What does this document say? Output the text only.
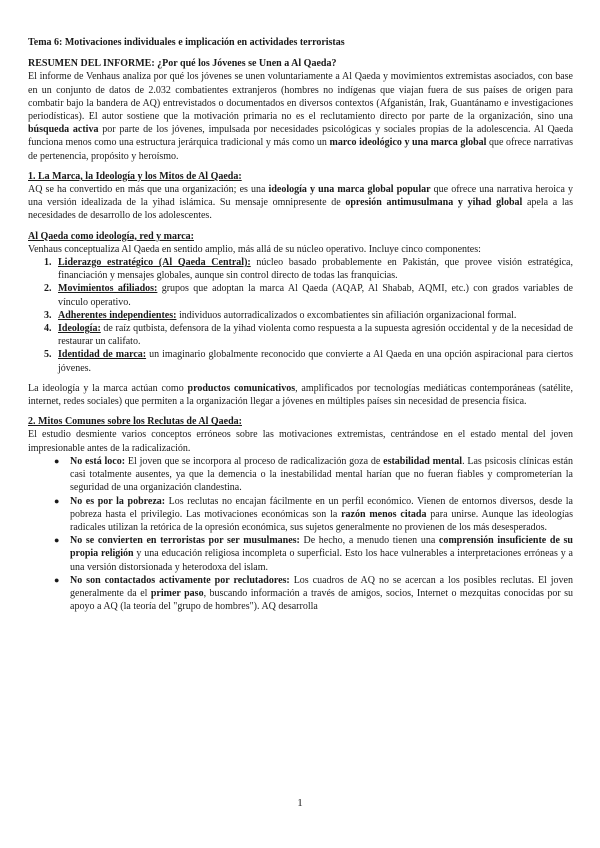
Tema 6: Motivaciones individuales e implicación en actividades terroristas

RESUMEN DEL INFORME: ¿Por qué los Jóvenes se Unen a Al Qaeda?

El informe de Venhaus analiza por qué los jóvenes se unen voluntariamente a Al Qaeda y movimientos extremistas asociados, con base en un conjunto de datos de 2.032 combatientes extranjeros (hombres no indígenas que viajan fuera de sus países de origen para combatir bajo la bandera de AQ) entrevistados o documentados en diversos contextos (Afganistán, Irak, Guantánamo e investigaciones periodísticas). El autor sostiene que la motivación primaria no es el reclutamiento directo por parte de la organización, sino una búsqueda activa por parte de los jóvenes, impulsada por necesidades psicológicas y sociales propias de la adolescencia. Al Qaeda funciona menos como una estructura jerárquica tradicional y más como un marco ideológico y una marca global que ofrece narrativas de pertenencia, propósito y heroísmo.

1. La Marca, la Ideología y los Mitos de Al Qaeda:

AQ se ha convertido en más que una organización; es una ideología y una marca global popular que ofrece una narrativa heroica y una versión idealizada de la yihad islámica. Su mensaje omnipresente de opresión antimusulmana y yihad global apela a las necesidades de desarrollo de los adolescentes.

Al Qaeda como ideología, red y marca:

Venhaus conceptualiza Al Qaeda en sentido amplio, más allá de su núcleo operativo. Incluye cinco componentes:

1. Liderazgo estratégico (Al Qaeda Central): núcleo basado probablemente en Pakistán, que provee visión estratégica, financiación y mensajes globales, aunque sin control directo de todas las franquicias.
2. Movimientos afiliados: grupos que adoptan la marca Al Qaeda (AQAP, Al Shabab, AQMI, etc.) con grados variables de vínculo operativo.
3. Adherentes independientes: individuos autorradicalizados o excombatientes sin afiliación organizacional formal.
4. Ideología: de raíz qutbista, defensora de la yihad violenta como respuesta a la supuesta agresión occidental y de la necesidad de restaurar un califato.
5. Identidad de marca: un imaginario globalmente reconocido que convierte a Al Qaeda en una opción aspiracional para ciertos jóvenes.

La ideología y la marca actúan como productos comunicativos, amplificados por tecnologías mediáticas contemporáneas (satélite, internet, redes sociales) que permiten a la organización llegar a jóvenes en múltiples países sin necesidad de presencia física.

2. Mitos Comunes sobre los Reclutas de Al Qaeda:

El estudio desmiente varios conceptos erróneos sobre las motivaciones extremistas, centrándose en el estado mental del joven impresionable antes de la radicalización.

● No está loco: El joven que se incorpora al proceso de radicalización goza de estabilidad mental. Las psicosis clínicas están casi totalmente ausentes, ya que la demencia o la inestabilidad mental harían que no fueran fiables y comprometerían la seguridad de una organización clandestina.
● No es por la pobreza: Los reclutas no encajan fácilmente en un perfil económico. Vienen de entornos diversos, desde la pobreza hasta el privilegio. Las motivaciones económicas son la razón menos citada para unirse. Aunque las ideologías radicales utilizan la retórica de la opresión económica, sus sujetos generalmente no provienen de los más desesperados.
● No se convierten en terroristas por ser musulmanes: De hecho, a menudo tienen una comprensión insuficiente de su propia religión y una educación religiosa incompleta o superficial. Esto los hace vulnerables a interpretaciones erróneas y a una versión distorsionada y heterodoxa del islam.
● No son contactados activamente por reclutadores: Los cuadros de AQ no se acercan a los posibles reclutas. El joven generalmente da el primer paso, buscando información a través de amigos, socios, Internet o mezquitas conocidas por su apoyo a AQ (la teoría del "grupo de hombres"). AQ desarrolla
1
